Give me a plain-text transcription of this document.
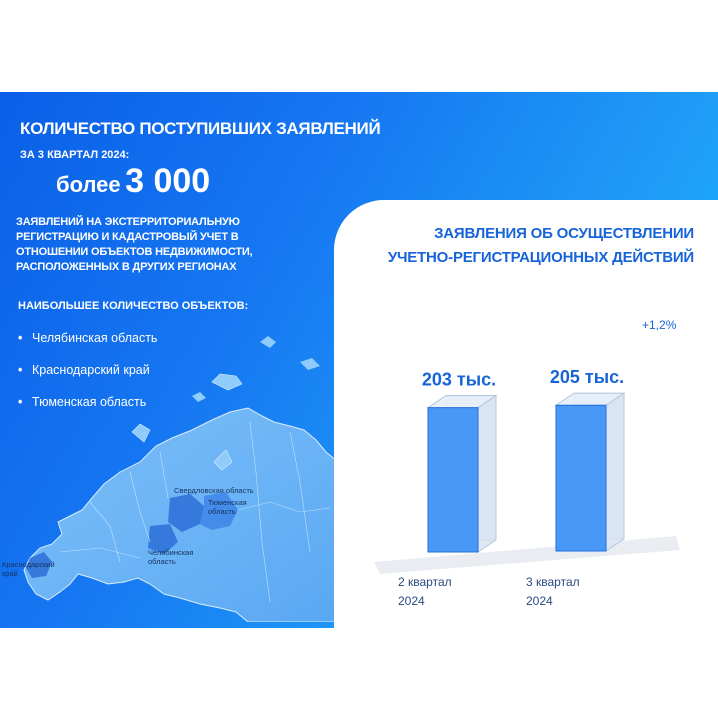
КОЛИЧЕСТВО ПОСТУПИВШИХ ЗАЯВЛЕНИЙ
ЗА 3 КВАРТАЛ 2024:
более 3 000
ЗАЯВЛЕНИЙ НА ЭКСТЕРРИТОРИАЛЬНУЮ
РЕГИСТРАЦИЮ И КАДАСТРОВЫЙ УЧЕТ В
ОТНОШЕНИИ ОБЪЕКТОВ НЕДВИЖИМОСТИ,
РАСПОЛОЖЕННЫХ В ДРУГИХ РЕГИОНАХ
НАИБОЛЬШЕЕ КОЛИЧЕСТВО ОБЪЕКТОВ:
• Челябинская область
• Краснодарский край
• Тюменская область
Свердловская область
Тюменская область
Челябинская область
Краснодарский край
ЗАЯВЛЕНИЯ ОБ ОСУЩЕСТВЛЕНИИ
УЧЕТНО-РЕГИСТРАЦИОННЫХ ДЕЙСТВИЙ
203 тыс.
2 квартал
2024
205 тыс.
3 квартал
2024
+1,2%
